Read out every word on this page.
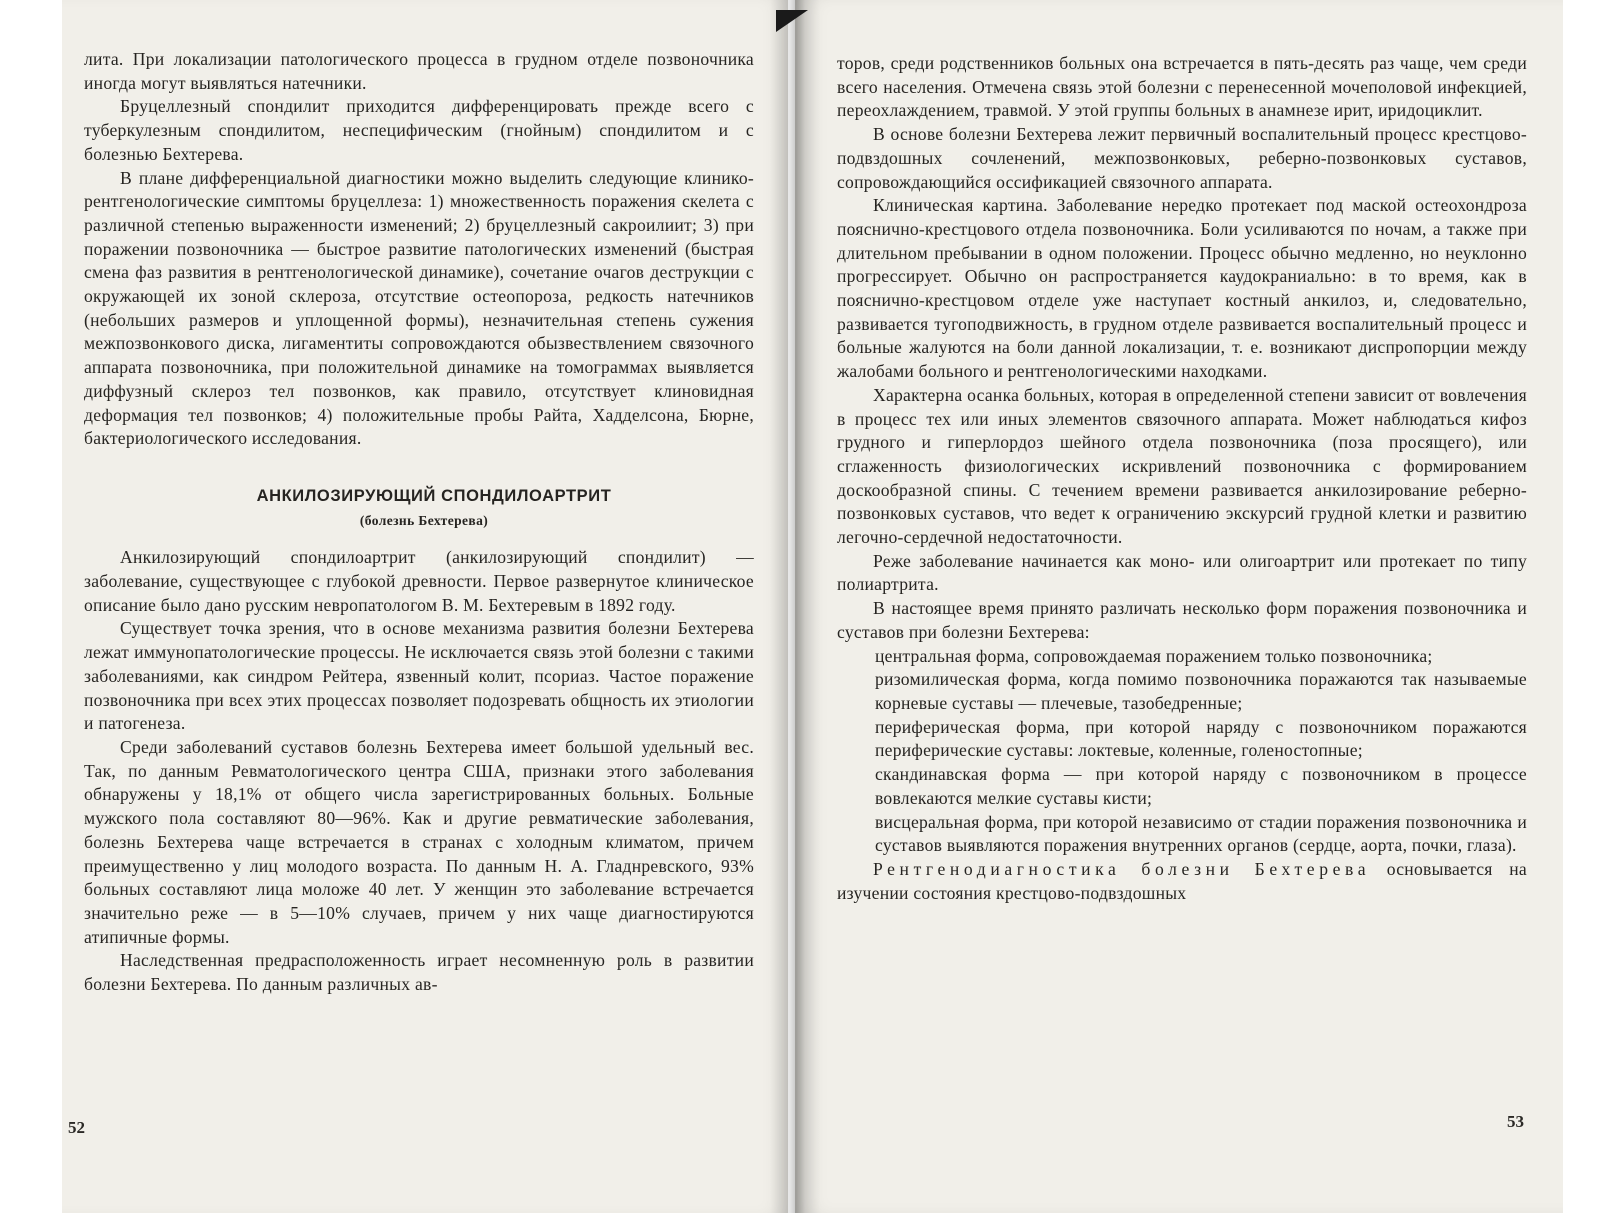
лита. При локализации патологического процесса в грудном отделе позвоночника иногда могут выявляться натечники.

Бруцеллезный спондилит приходится дифференцировать прежде всего с туберкулезным спондилитом, неспецифическим (гнойным) спондилитом и с болезнью Бехтерева.

В плане дифференциальной диагностики можно выделить следующие клинико-рентгенологические симптомы бруцеллеза: 1) множественность поражения скелета с различной степенью выраженности изменений; 2) бруцеллезный сакроилиит; 3) при поражении позвоночника — быстрое развитие патологических изменений (быстрая смена фаз развития в рентгенологической динамике), сочетание очагов деструкции с окружающей их зоной склероза, отсутствие остеопороза, редкость натечников (небольших размеров и уплощенной формы), незначительная степень сужения межпозвонкового диска, лигаментиты сопровождаются обызвествлением связочного аппарата позвоночника, при положительной динамике на томограммах выявляется диффузный склероз тел позвонков, как правило, отсутствует клиновидная деформация тел позвонков; 4) положительные пробы Райта, Хадделсона, Бюрне, бактериологического исследования.

АНКИЛОЗИРУЮЩИЙ СПОНДИЛОАРТРИТ

(болезнь Бехтерева)

Анкилозирующий спондилоартрит (анкилозирующий спондилит) — заболевание, существующее с глубокой древности. Первое развернутое клиническое описание было дано русским невропатологом В. М. Бехтеревым в 1892 году.

Существует точка зрения, что в основе механизма развития болезни Бехтерева лежат иммунопатологические процессы. Не исключается связь этой болезни с такими заболеваниями, как синдром Рейтера, язвенный колит, псориаз. Частое поражение позвоночника при всех этих процессах позволяет подозревать общность их этиологии и патогенеза.

Среди заболеваний суставов болезнь Бехтерева имеет большой удельный вес. Так, по данным Ревматологического центра США, признаки этого заболевания обнаружены у 18,1% от общего числа зарегистрированных больных. Больные мужского пола составляют 80—96%. Как и другие ревматические заболевания, болезнь Бехтерева чаще встречается в странах с холодным климатом, причем преимущественно у лиц молодого возраста. По данным Н. А. Гладнревского, 93% больных составляют лица моложе 40 лет. У женщин это заболевание встречается значительно реже — в 5—10% случаев, причем у них чаще диагностируются атипичные формы.

Наследственная предрасположенность играет несомненную роль в развитии болезни Бехтерева. По данным различных ав-

52

торов, среди родственников больных она встречается в пять-десять раз чаще, чем среди всего населения. Отмечена связь этой болезни с перенесенной мочеполовой инфекцией, переохлаждением, травмой. У этой группы больных в анамнезе ирит, иридоциклит.

В основе болезни Бехтерева лежит первичный воспалительный процесс крестцово-подвздошных сочленений, межпозвонковых, реберно-позвонковых суставов, сопровождающийся оссификацией связочного аппарата.

Клиническая картина. Заболевание нередко протекает под маской остеохондроза пояснично-крестцового отдела позвоночника. Боли усиливаются по ночам, а также при длительном пребывании в одном положении. Процесс обычно медленно, но неуклонно прогрессирует. Обычно он распространяется каудокраниально: в то время, как в пояснично-крестцовом отделе уже наступает костный анкилоз, и, следовательно, развивается тугоподвижность, в грудном отделе развивается воспалительный процесс и больные жалуются на боли данной локализации, т. е. возникают диспропорции между жалобами больного и рентгенологическими находками.

Характерна осанка больных, которая в определенной степени зависит от вовлечения в процесс тех или иных элементов связочного аппарата. Может наблюдаться кифоз грудного и гиперлордоз шейного отдела позвоночника (поза просящего), или сглаженность физиологических искривлений позвоночника с формированием доскообразной спины. С течением времени развивается анкилозирование реберно-позвонковых суставов, что ведет к ограничению экскурсий грудной клетки и развитию легочно-сердечной недостаточности.

Реже заболевание начинается как моно- или олигоартрит или протекает по типу полиартрита.

В настоящее время принято различать несколько форм поражения позвоночника и суставов при болезни Бехтерева:

центральная форма, сопровождаемая поражением только позвоночника;

ризомилическая форма, когда помимо позвоночника поражаются так называемые корневые суставы — плечевые, тазобедренные;

периферическая форма, при которой наряду с позвоночником поражаются периферические суставы: локтевые, коленные, голеностопные;

скандинавская форма — при которой наряду с позвоночником в процессе вовлекаются мелкие суставы кисти;

висцеральная форма, при которой независимо от стадии поражения позвоночника и суставов выявляются поражения внутренних органов (сердце, аорта, почки, глаза).

Рентгенодиагностика болезни Бехтерева основывается на изучении состояния крестцово-подвздошных

53
